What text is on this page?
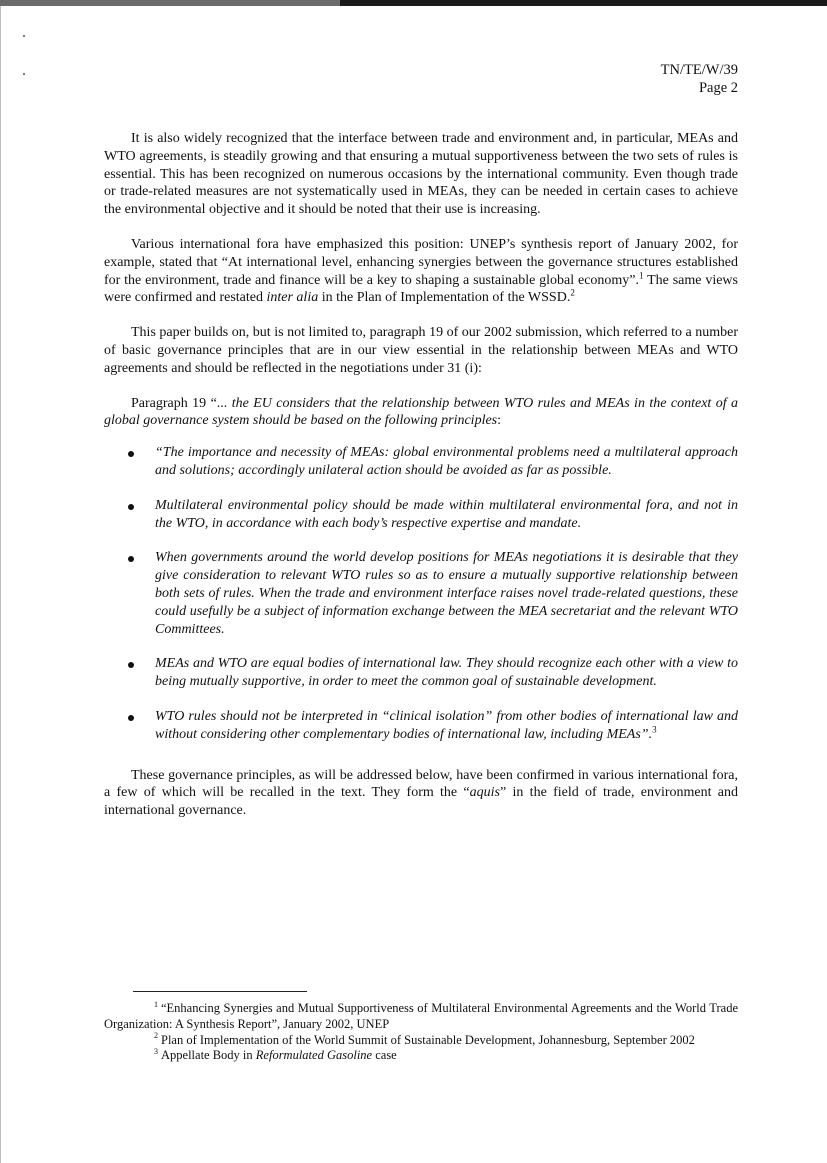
TN/TE/W/39
Page 2

It is also widely recognized that the interface between trade and environment and, in particular, MEAs and WTO agreements, is steadily growing and that ensuring a mutual supportiveness between the two sets of rules is essential. This has been recognized on numerous occasions by the international community. Even though trade or trade-related measures are not systematically used in MEAs, they can be needed in certain cases to achieve the environmental objective and it should be noted that their use is increasing.

Various international fora have emphasized this position: UNEP’s synthesis report of January 2002, for example, stated that “At international level, enhancing synergies between the governance structures established for the environment, trade and finance will be a key to shaping a sustainable global economy”.$^1$ The same views were confirmed and restated inter alia in the Plan of Implementation of the WSSD.$^2$

This paper builds on, but is not limited to, paragraph 19 of our 2002 submission, which referred to a number of basic governance principles that are in our view essential in the relationship between MEAs and WTO agreements and should be reflected in the negotiations under 31 (i):

Paragraph 19 “... the EU considers that the relationship between WTO rules and MEAs in the context of a global governance system should be based on the following principles:

“The importance and necessity of MEAs: global environmental problems need a multilateral approach and solutions; accordingly unilateral action should be avoided as far as possible.
Multilateral environmental policy should be made within multilateral environmental fora, and not in the WTO, in accordance with each body’s respective expertise and mandate.
When governments around the world develop positions for MEAs negotiations it is desirable that they give consideration to relevant WTO rules so as to ensure a mutually supportive relationship between both sets of rules. When the trade and environment interface raises novel trade-related questions, these could usefully be a subject of information exchange between the MEA secretariat and the relevant WTO Committees.
MEAs and WTO are equal bodies of international law. They should recognize each other with a view to being mutually supportive, in order to meet the common goal of sustainable development.
WTO rules should not be interpreted in “clinical isolation” from other bodies of international law and without considering other complementary bodies of international law, including MEAs”.$^3$

These governance principles, as will be addressed below, have been confirmed in various international fora, a few of which will be recalled in the text. They form the “aquis” in the field of trade, environment and international governance.

$^1$ “Enhancing Synergies and Mutual Supportiveness of Multilateral Environmental Agreements and the World Trade Organization: A Synthesis Report”, January 2002, UNEP

$^2$ Plan of Implementation of the World Summit of Sustainable Development, Johannesburg, September 2002

$^3$ Appellate Body in Reformulated Gasoline case
